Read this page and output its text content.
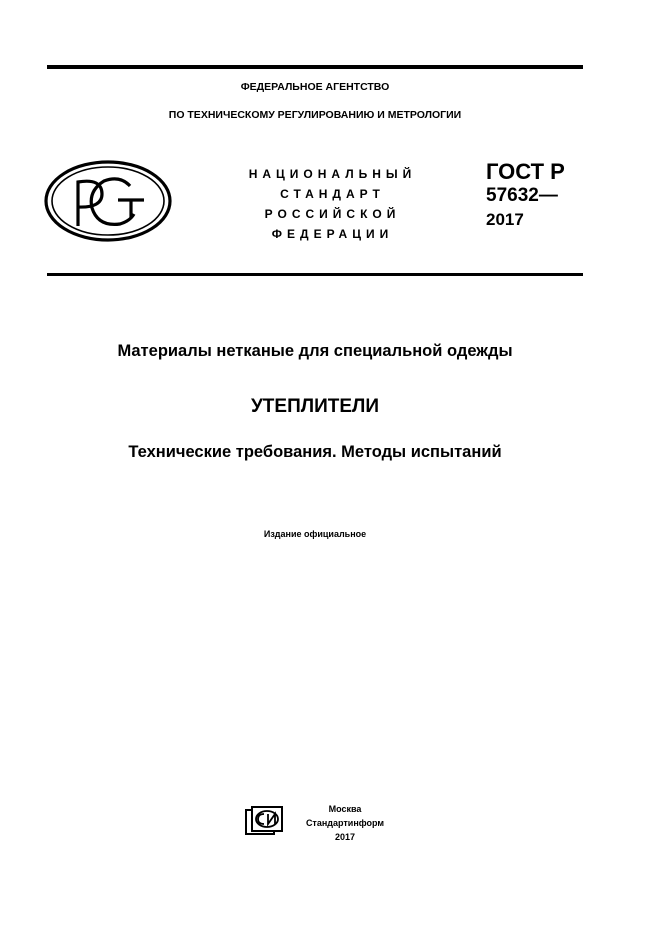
ФЕДЕРАЛЬНОЕ АГЕНТСТВО
ПО ТЕХНИЧЕСКОМУ РЕГУЛИРОВАНИЮ И МЕТРОЛОГИИ
НАЦИОНАЛЬНЫЙ
СТАНДАРТ
РОССИЙСКОЙ
ФЕДЕРАЦИИ
ГОСТ Р
57632—
2017
Материалы нетканые для специальной одежды
УТЕПЛИТЕЛИ
Технические требования. Методы испытаний
Издание официальное
Москва
Стандартинформ
2017
